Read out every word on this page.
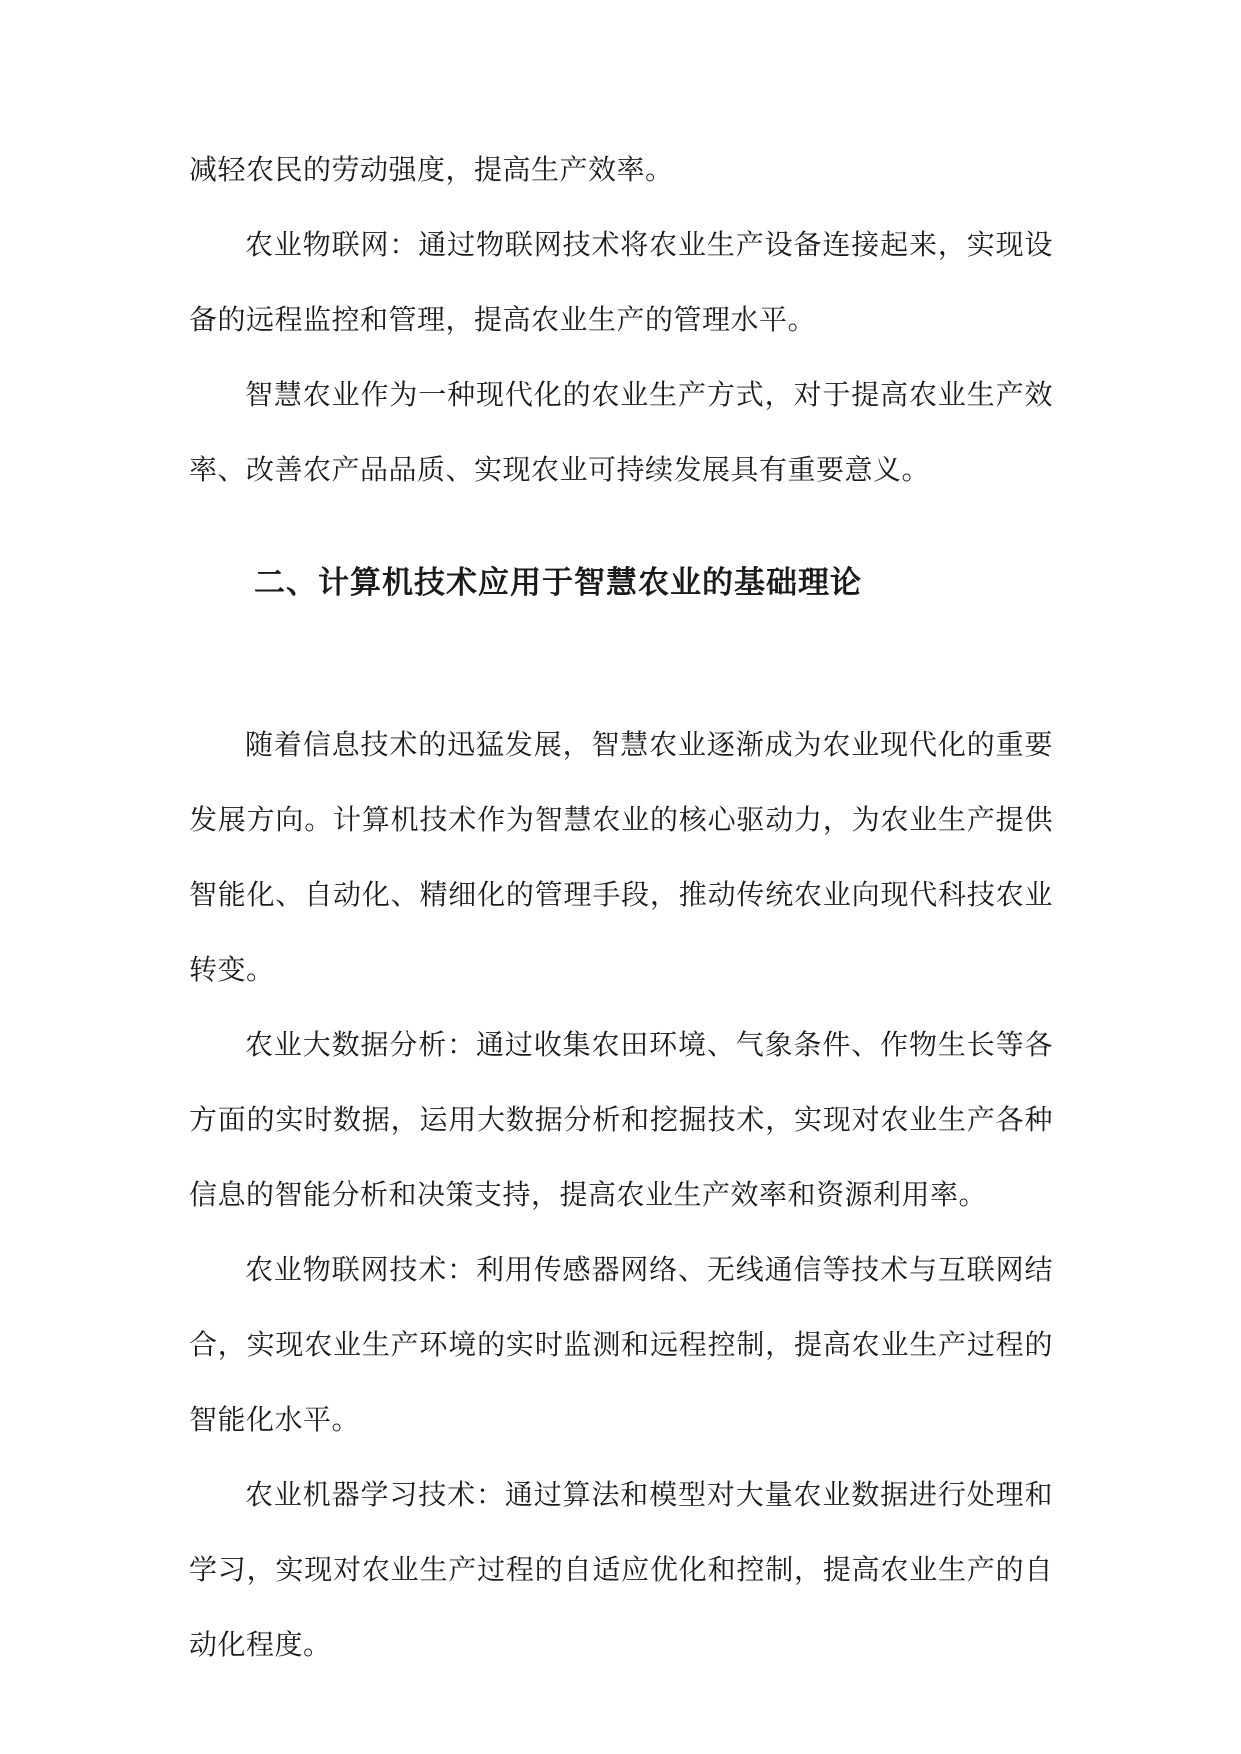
减轻农民的劳动强度，提高生产效率。

农业物联网：通过物联网技术将农业生产设备连接起来，实现设备的远程监控和管理，提高农业生产的管理水平。

智慧农业作为一种现代化的农业生产方式，对于提高农业生产效率、改善农产品品质、实现农业可持续发展具有重要意义。

二、计算机技术应用于智慧农业的基础理论

随着信息技术的迅猛发展，智慧农业逐渐成为农业现代化的重要发展方向。计算机技术作为智慧农业的核心驱动力，为农业生产提供智能化、自动化、精细化的管理手段，推动传统农业向现代科技农业转变。

农业大数据分析：通过收集农田环境、气象条件、作物生长等各方面的实时数据，运用大数据分析和挖掘技术，实现对农业生产各种信息的智能分析和决策支持，提高农业生产效率和资源利用率。

农业物联网技术：利用传感器网络、无线通信等技术与互联网结合，实现农业生产环境的实时监测和远程控制，提高农业生产过程的智能化水平。

农业机器学习技术：通过算法和模型对大量农业数据进行处理和学习，实现对农业生产过程的自适应优化和控制，提高农业生产的自动化程度。
